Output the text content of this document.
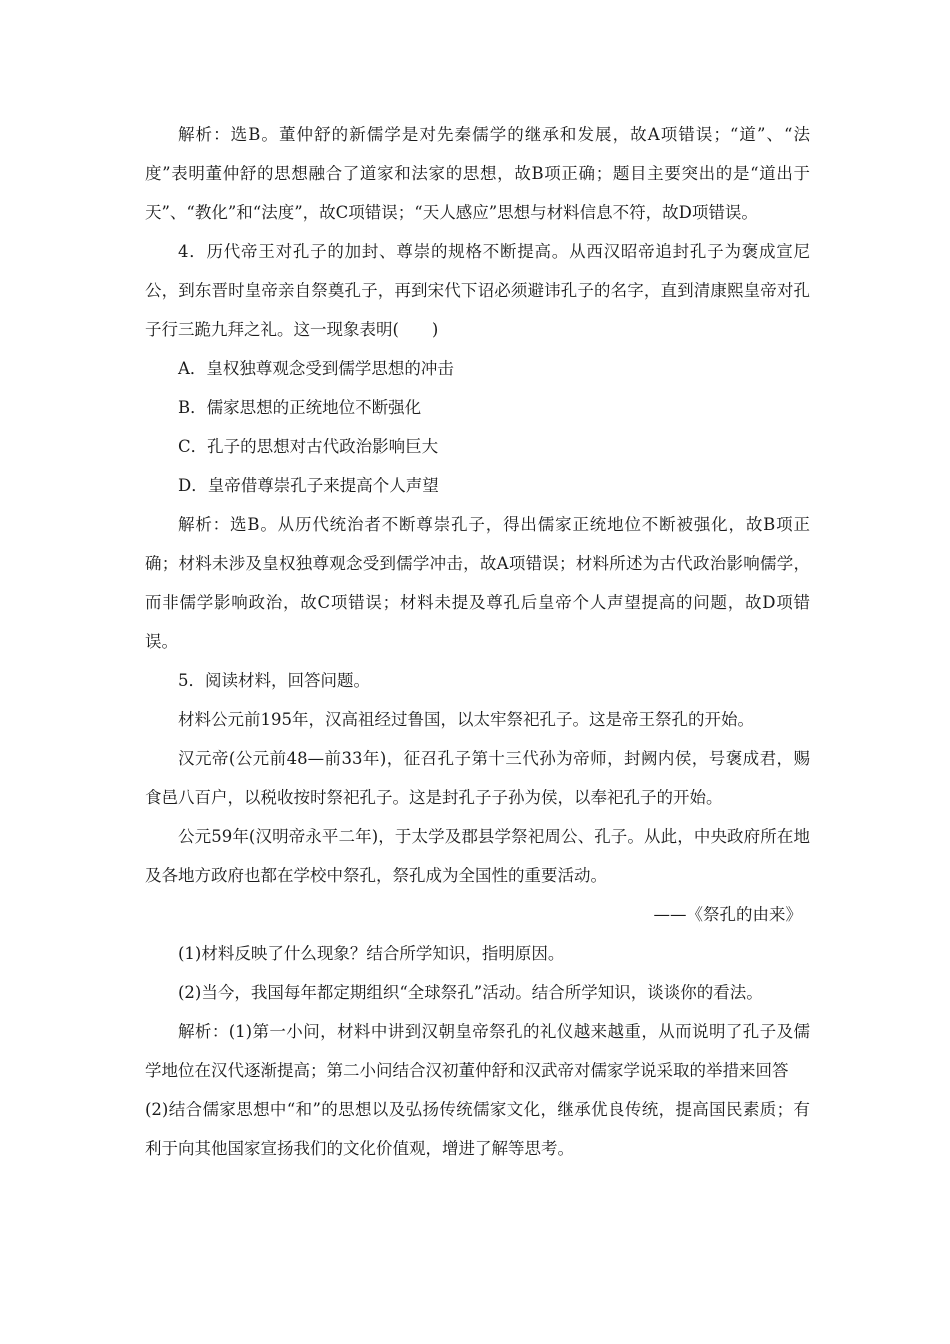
解析：选B。董仲舒的新儒学是对先秦儒学的继承和发展，故A项错误；“道”、“法度”表明董仲舒的思想融合了道家和法家的思想，故B项正确；题目主要突出的是“道出于天”、“教化”和“法度”，故C项错误；“天人感应”思想与材料信息不符，故D项错误。

4．历代帝王对孔子的加封、尊崇的规格不断提高。从西汉昭帝追封孔子为褒成宣尼公，到东晋时皇帝亲自祭奠孔子，再到宋代下诏必须避讳孔子的名字，直到清康熙皇帝对孔子行三跪九拜之礼。这一现象表明(　　)

A．皇权独尊观念受到儒学思想的冲击

B．儒家思想的正统地位不断强化

C．孔子的思想对古代政治影响巨大

D．皇帝借尊崇孔子来提高个人声望

解析：选B。从历代统治者不断尊崇孔子，得出儒家正统地位不断被强化，故B项正确；材料未涉及皇权独尊观念受到儒学冲击，故A项错误；材料所述为古代政治影响儒学，而非儒学影响政治，故C项错误；材料未提及尊孔后皇帝个人声望提高的问题，故D项错误。

5．阅读材料，回答问题。

材料公元前195年，汉高祖经过鲁国，以太牢祭祀孔子。这是帝王祭孔的开始。

汉元帝(公元前48—前33年)，征召孔子第十三代孙为帝师，封阙内侯，号褒成君，赐食邑八百户，以税收按时祭祀孔子。这是封孔子子孙为侯，以奉祀孔子的开始。

公元59年(汉明帝永平二年)，于太学及郡县学祭祀周公、孔子。从此，中央政府所在地及各地方政府也都在学校中祭孔，祭孔成为全国性的重要活动。

——《祭孔的由来》

(1)材料反映了什么现象？结合所学知识，指明原因。

(2)当今，我国每年都定期组织“全球祭孔”活动。结合所学知识，谈谈你的看法。

解析：(1)第一小问，材料中讲到汉朝皇帝祭孔的礼仪越来越重，从而说明了孔子及儒学地位在汉代逐渐提高；第二小问结合汉初董仲舒和汉武帝对儒家学说采取的举措来回答

(2)结合儒家思想中“和”的思想以及弘扬传统儒家文化，继承优良传统，提高国民素质；有利于向其他国家宣扬我们的文化价值观，增进了解等思考。
